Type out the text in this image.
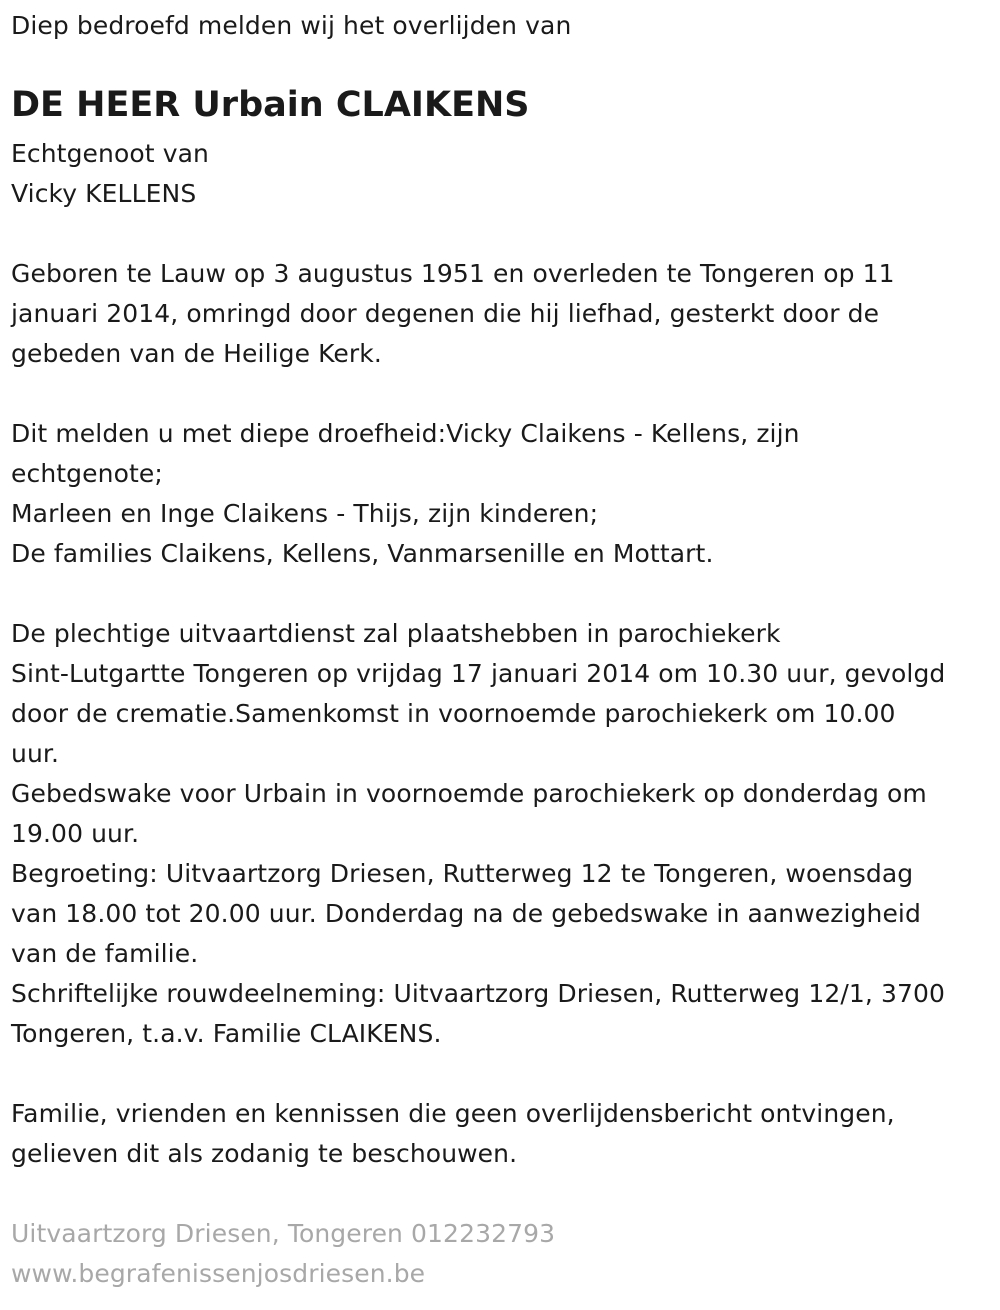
Diep bedroefd melden wij het overlijden van
DE HEER Urbain CLAIKENS
Echtgenoot van
Vicky KELLENS
Geboren te Lauw op 3 augustus 1951 en overleden te Tongeren op 11
januari 2014, omringd door degenen die hij liefhad, gesterkt door de
gebeden van de Heilige Kerk.
Dit melden u met diepe droefheid:Vicky Claikens - Kellens, zijn
echtgenote;
Marleen en Inge Claikens - Thijs, zijn kinderen;
De families Claikens, Kellens, Vanmarsenille en Mottart.
De plechtige uitvaartdienst zal plaatshebben in parochiekerk
Sint-Lutgartte Tongeren op vrijdag 17 januari 2014 om 10.30 uur, gevolgd
door de crematie.Samenkomst in voornoemde parochiekerk om 10.00
uur.
Gebedswake voor Urbain in voornoemde parochiekerk op donderdag om
19.00 uur.
Begroeting: Uitvaartzorg Driesen, Rutterweg 12 te Tongeren, woensdag
van 18.00 tot 20.00 uur. Donderdag na de gebedswake in aanwezigheid
van de familie.
Schriftelijke rouwdeelneming: Uitvaartzorg Driesen, Rutterweg 12/1, 3700
Tongeren, t.a.v. Familie CLAIKENS.
Familie, vrienden en kennissen die geen overlijdensbericht ontvingen,
gelieven dit als zodanig te beschouwen.
Uitvaartzorg Driesen, Tongeren 012232793
www.begrafenissenjosdriesen.be
